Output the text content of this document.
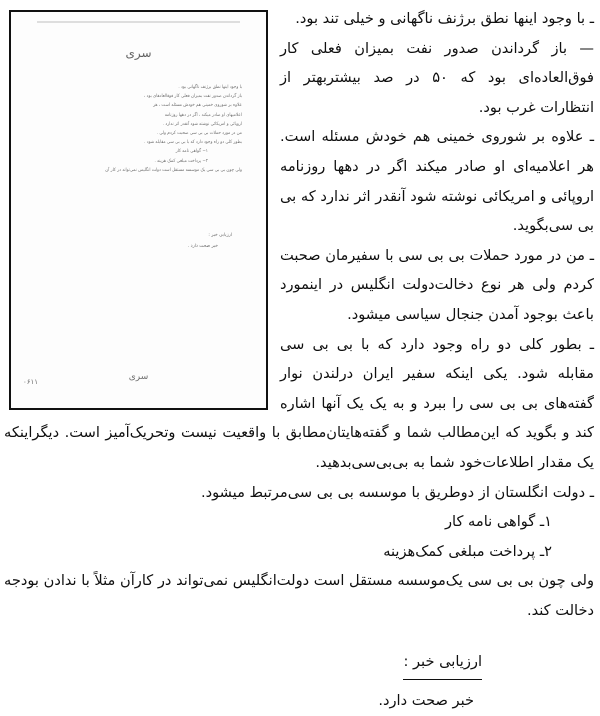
سری
با وجود اینها نطق برژنف ناگهانی بود .
باز گرداندن صدور نفت بمیزان فعلی کار فوقالعادهای بود ،
علاوه بر شوروی خمینی هم خودش مسئله است ، هر
اعلامیهای او صادر میکند ، اگر در دهها روزنامه
اروپائی و امریکائی نوشته شود آنقدر اثر ندارد .
من در مورد حملات بی بی سی صحبت کردم ولی .
بطور کلی دو راه وجود دارد که با بی بی سی مقابله شود .
۱− گواهی نامه کار
۲− پرداخت مبلغی کمک هزینه .
ولی چون بی بی سی یک موسسه مستقل است دولت انگلیس نمی‌تواند در کار آن
ارزیابی خبر :
خبر صحت دارد .
سری
۰۶۱۱

ـ با وجود اینها نطق برژنف ناگهانی و خیلی تند بود.

— باز گرداندن صدور نفت بمیزان فعلی کار فوق‌العاده‌ای بود که ۵۰ در صد بیشتربهتر از انتظارات غرب بود.

ـ علاوه بر شوروی خمینی هم خودش مسئله است. هر اعلامیه‌ای او صادر میکند اگر در دهها روزنامه اروپائی و امریکائی نوشته شود آنقدر اثر ندارد که بی بی سی‌بگوید.

ـ من در مورد حملات بی بی سی با سفیرمان صحبت کردم ولی هر نوع دخالت‌دولت انگلیس در اینمورد باعث بوجود آمدن جنجال سیاسی میشود.

ـ بطور کلی دو راه وجود دارد که با بی بی سی مقابله شود. یکی اینکه سفیر ایران درلندن نوار گفته‌های بی بی سی را ببرد و به یک یک آنها اشاره کند و بگوید که این‌مطالب شما و گفته‌هایتان‌مطابق با واقعیت نیست وتحریک‌آمیز است. دیگر‌اینکه یک مقدار اطلاعات‌خود شما به بی‌بی‌سی‌بدهید.

ـ دولت انگلستان از دوطریق با موسسه بی بی سی‌مرتبط میشود.

۱ـ گواهی نامه کار

۲ـ پرداخت مبلغی کمک‌هزینه

ولی چون بی بی سی یک‌موسسه مستقل است دولت‌انگلیس نمی‌تواند در کار‌آن مثلاً با ندادن بودجه دخالت کند.

ارزیابی خبر :

خبر صحت دارد.
